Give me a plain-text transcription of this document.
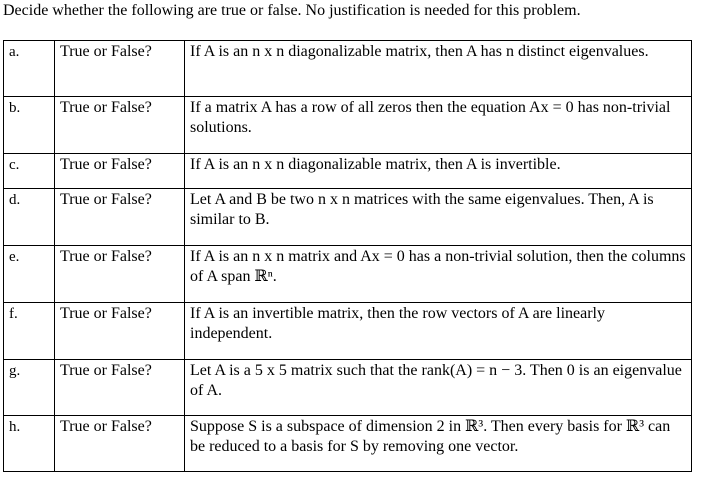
Decide whether the following are true or false. No justification is needed for this problem.
a.	True or False?	If A is an n x n diagonalizable matrix, then A has n distinct eigenvalues.
b.	True or False?	If a matrix A has a row of all zeros then the equation Ax = 0 has non-trivial solutions.
c.	True or False?	If A is an n x n diagonalizable matrix, then A is invertible.
d.	True or False?	Let A and B be two n x n matrices with the same eigenvalues. Then, A is similar to B.
e.	True or False?	If A is an n x n matrix and Ax = 0 has a non-trivial solution, then the columns of A span ℝⁿ.
f.	True or False?	If A is an invertible matrix, then the row vectors of A are linearly independent.
g.	True or False?	Let A is a 5 x 5 matrix such that the rank(A) = n − 3. Then 0 is an eigenvalue of A.
h.	True or False?	Suppose S is a subspace of dimension 2 in ℝ³. Then every basis for ℝ³ can be reduced to a basis for S by removing one vector.
